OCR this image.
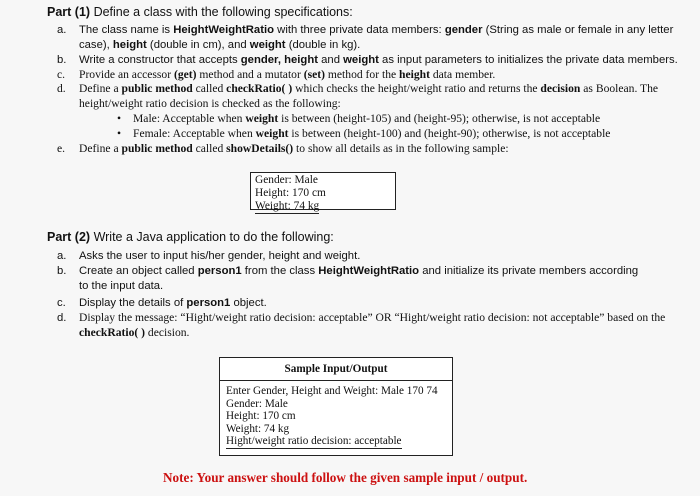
Part (1) Define a class with the following specifications:
a. The class name is HeightWeightRatio with three private data members: gender (String as male or female in any letter case), height (double in cm), and weight (double in kg).
b. Write a constructor that accepts gender, height and weight as input parameters to initializes the private data members.
c. Provide an accessor (get) method and a mutator (set) method for the height data member.
d. Define a public method called checkRatio( ) which checks the height/weight ratio and returns the decision as Boolean. The height/weight ratio decision is checked as the following:
• Male: Acceptable when weight is between (height-105) and (height-95); otherwise, is not acceptable
• Female: Acceptable when weight is between (height-100) and (height-90); otherwise, is not acceptable
e. Define a public method called showDetails() to show all details as in the following sample:
Gender: Male
Height: 170 cm
Weight: 74 kg
Part (2) Write a Java application to do the following:
a. Asks the user to input his/her gender, height and weight.
b. Create an object called person1 from the class HeightWeightRatio and initialize its private members according to the input data.
c. Display the details of person1 object.
d. Display the message: “Hight/weight ratio decision: acceptable” OR “Hight/weight ratio decision: not acceptable” based on the checkRatio( ) decision.
Sample Input/Output
Enter Gender, Height and Weight: Male 170 74
Gender: Male
Height: 170 cm
Weight: 74 kg
Hight/weight ratio decision: acceptable
Note: Your answer should follow the given sample input / output.
